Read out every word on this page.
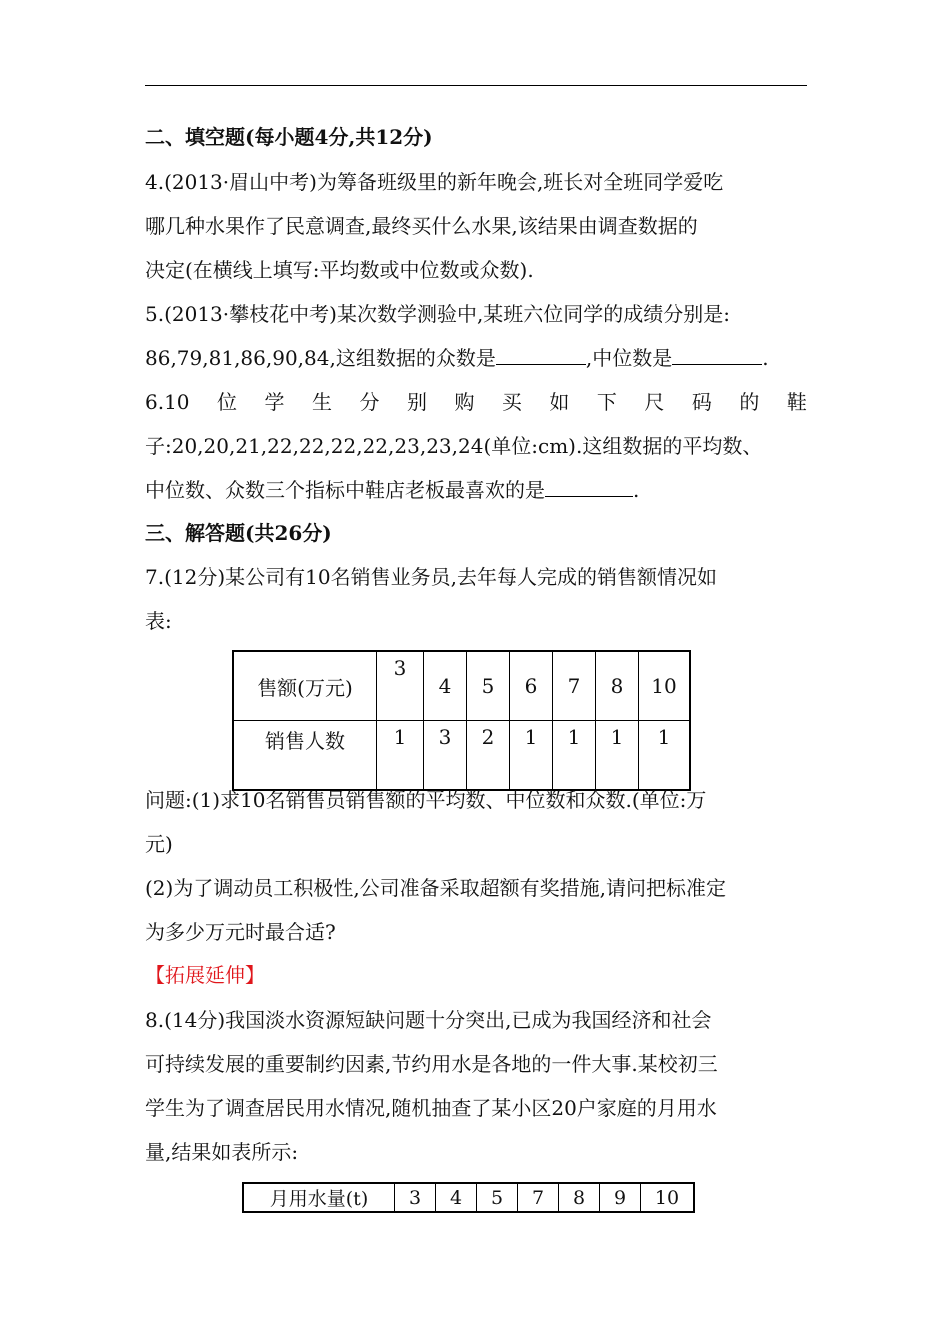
二、填空题(每小题4分,共12分)
4.(2013·眉山中考)为筹备班级里的新年晚会,班长对全班同学爱吃
哪几种水果作了民意调查,最终买什么水果,该结果由调查数据的
决定(在横线上填写:平均数或中位数或众数).
5.(2013·攀枝花中考)某次数学测验中,某班六位同学的成绩分别是:
86,79,81,86,90,84,这组数据的众数是	,中位数是	.
6.10 位 学 生 分 别 购 买 如 下 尺 码 的 鞋
子:20,20,21,22,22,22,22,23,23,24(单位:cm).这组数据的平均数、
中位数、众数三个指标中鞋店老板最喜欢的是	.
三、解答题(共26分)
7.(12分)某公司有10名销售业务员,去年每人完成的销售额情况如
表:
售额(万元)	3	4	5	6	7	8	10
销售人数	1	3	2	1	1	1	1
问题:(1)求10名销售员销售额的平均数、中位数和众数.(单位:万
元)
(2)为了调动员工积极性,公司准备采取超额有奖措施,请问把标准定
为多少万元时最合适?
【拓展延伸】
8.(14分)我国淡水资源短缺问题十分突出,已成为我国经济和社会
可持续发展的重要制约因素,节约用水是各地的一件大事.某校初三
学生为了调查居民用水情况,随机抽查了某小区20户家庭的月用水
量,结果如表所示:
月用水量(t)	3	4	5	7	8	9	10
